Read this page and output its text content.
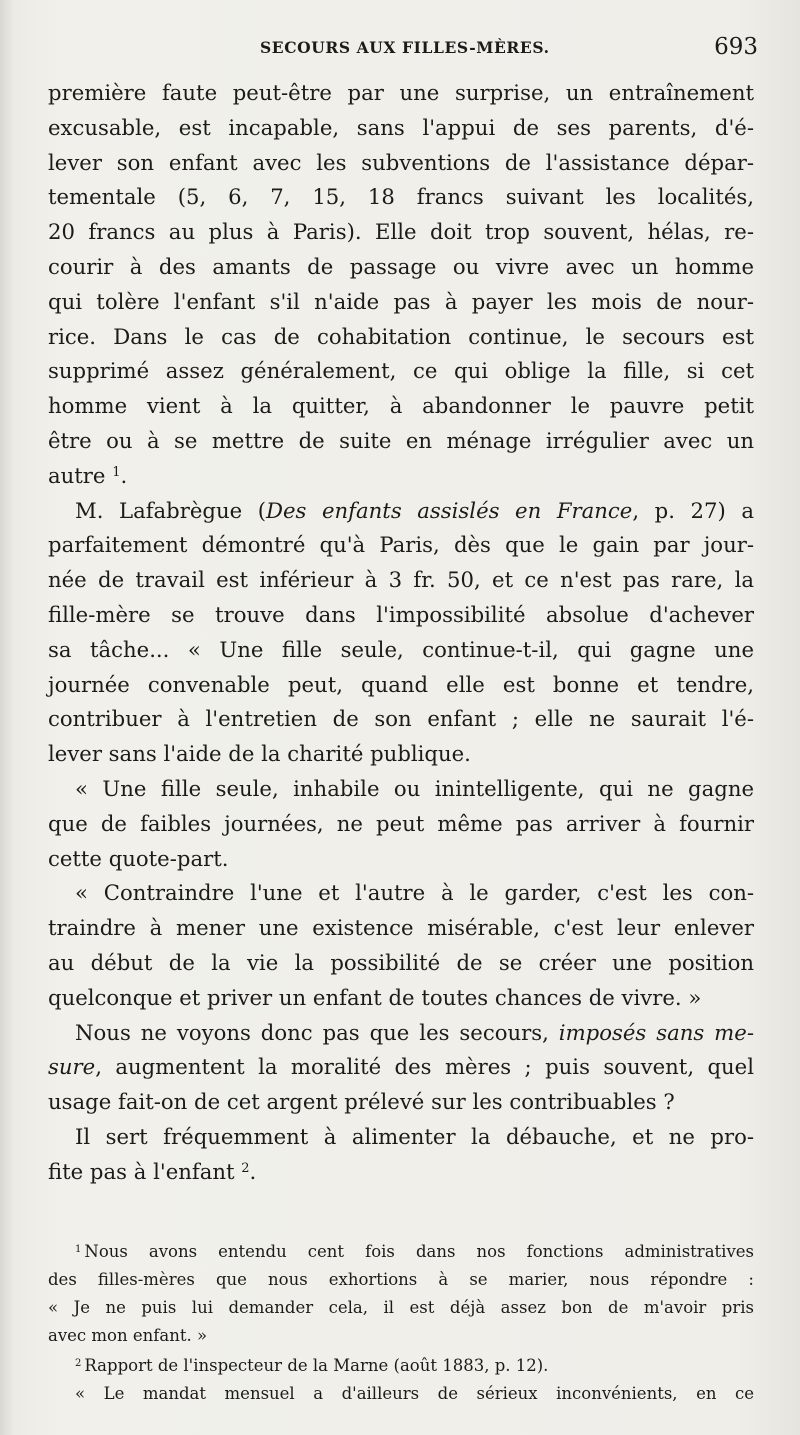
SECOURS AUX FILLES-MÈRES.	693

première faute peut-être par une surprise, un entraînement

excusable, est incapable, sans l'appui de ses parents, d'é-

lever son enfant avec les subventions de l'assistance dépar-

tementale (5, 6, 7, 15, 18 francs suivant les localités,

20 francs au plus à Paris). Elle doit trop souvent, hélas, re-

courir à des amants de passage ou vivre avec un homme

qui tolère l'enfant s'il n'aide pas à payer les mois de nour-

rice. Dans le cas de cohabitation continue, le secours est

supprimé assez généralement, ce qui oblige la fille, si cet

homme vient à la quitter, à abandonner le pauvre petit

être ou à se mettre de suite en ménage irrégulier avec un

autre $^1$.

M. Lafabrègue (Des enfants assislés en France, p. 27) a

parfaitement démontré qu'à Paris, dès que le gain par jour-

née de travail est inférieur à 3 fr. 50, et ce n'est pas rare, la

fille-mère se trouve dans l'impossibilité absolue d'achever

sa tâche... « Une fille seule, continue-t-il, qui gagne une

journée convenable peut, quand elle est bonne et tendre,

contribuer à l'entretien de son enfant ; elle ne saurait l'é-

lever sans l'aide de la charité publique.

« Une fille seule, inhabile ou inintelligente, qui ne gagne

que de faibles journées, ne peut même pas arriver à fournir

cette quote-part.

« Contraindre l'une et l'autre à le garder, c'est les con-

traindre à mener une existence misérable, c'est leur enlever

au début de la vie la possibilité de se créer une position

quelconque et priver un enfant de toutes chances de vivre. »

Nous ne voyons donc pas que les secours, imposés sans me-

sure, augmentent la moralité des mères ; puis souvent, quel

usage fait-on de cet argent prélevé sur les contribuables ?

Il sert fréquemment à alimenter la débauche, et ne pro-

fite pas à l'enfant $^2$.

$^1$ Nous avons entendu cent fois dans nos fonctions administratives

des filles-mères que nous exhortions à se marier, nous répondre :

« Je ne puis lui demander cela, il est déjà assez bon de m'avoir pris

avec mon enfant. »

$^2$ Rapport de l'inspecteur de la Marne (août 1883, p. 12).

« Le mandat mensuel a d'ailleurs de sérieux inconvénients, en ce
